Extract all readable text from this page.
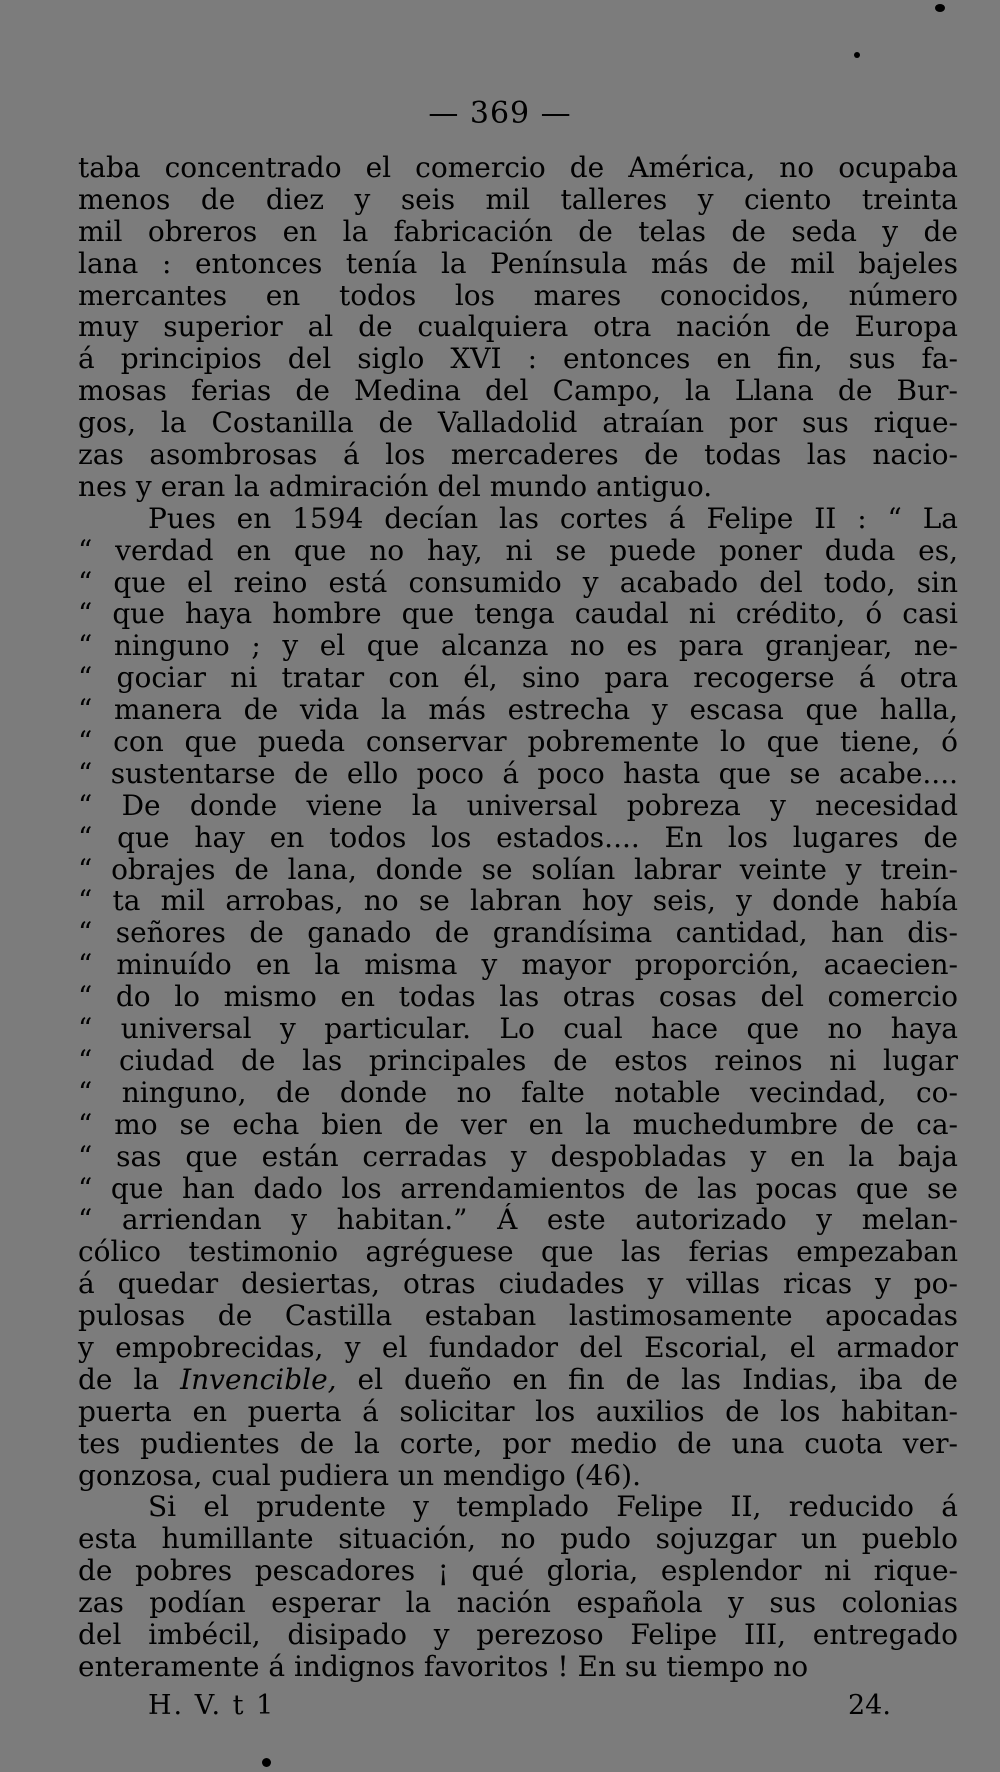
— 369 —
taba concentrado el comercio de América, no ocupaba
menos de diez y seis mil talleres y ciento treinta
mil obreros en la fabricación de telas de seda y de
lana : entonces tenía la Península más de mil bajeles
mercantes en todos los mares conocidos, número
muy superior al de cualquiera otra nación de Europa
á principios del siglo XVI : entonces en fin, sus fa-
mosas ferias de Medina del Campo, la Llana de Bur-
gos, la Costanilla de Valladolid atraían por sus rique-
zas asombrosas á los mercaderes de todas las nacio-
nes y eran la admiración del mundo antiguo.
Pues en 1594 decían las cortes á Felipe II : “ La
“ verdad en que no hay, ni se puede poner duda es,
“ que el reino está consumido y acabado del todo, sin
“ que haya hombre que tenga caudal ni crédito, ó casi
“ ninguno ; y el que alcanza no es para granjear, ne-
“ gociar ni tratar con él, sino para recogerse á otra
“ manera de vida la más estrecha y escasa que halla,
“ con que pueda conservar pobremente lo que tiene, ó
“ sustentarse de ello poco á poco hasta que se acabe....
“ De donde viene la universal pobreza y necesidad
“ que hay en todos los estados.... En los lugares de
“ obrajes de lana, donde se solían labrar veinte y trein-
“ ta mil arrobas, no se labran hoy seis, y donde había
“ señores de ganado de grandísima cantidad, han dis-
“ minuído en la misma y mayor proporción, acaecien-
“ do lo mismo en todas las otras cosas del comercio
“ universal y particular. Lo cual hace que no haya
“ ciudad de las principales de estos reinos ni lugar
“ ninguno, de donde no falte notable vecindad, co-
“ mo se echa bien de ver en la muchedumbre de ca-
“ sas que están cerradas y despobladas y en la baja
“ que han dado los arrendamientos de las pocas que se
“ arriendan y habitan.” Á este autorizado y melan-
cólico testimonio agréguese que las ferias empezaban
á quedar desiertas, otras ciudades y villas ricas y po-
pulosas de Castilla estaban lastimosamente apocadas
y empobrecidas, y el fundador del Escorial, el armador
de la Invencible, el dueño en fin de las Indias, iba de
puerta en puerta á solicitar los auxilios de los habitan-
tes pudientes de la corte, por medio de una cuota ver-
gonzosa, cual pudiera un mendigo (46).
Si el prudente y templado Felipe II, reducido á
esta humillante situación, no pudo sojuzgar un pueblo
de pobres pescadores ¡ qué gloria, esplendor ni rique-
zas podían esperar la nación española y sus colonias
del imbécil, disipado y perezoso Felipe III, entregado
enteramente á indignos favoritos ! En su tiempo no
H. V. t 1	24.
